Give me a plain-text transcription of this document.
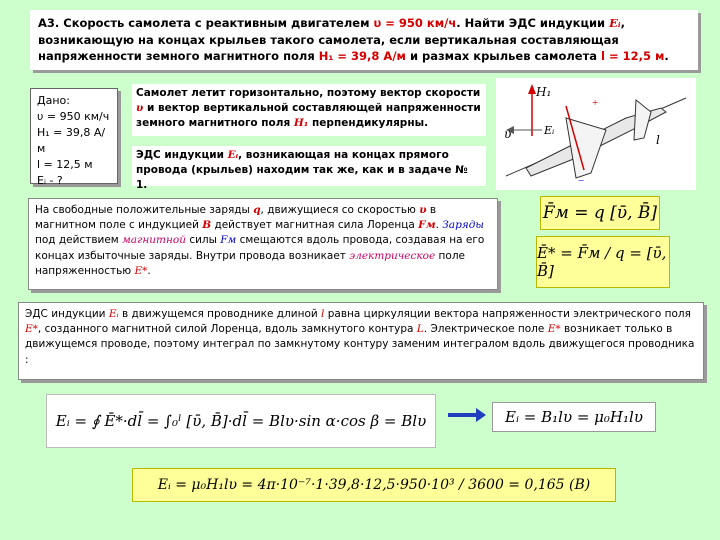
А3. Скорость самолета с реактивным двигателем υ = 950 км/ч. Найти ЭДС индукции Eᵢ, возникающую на концах крыльев такого самолета, если вертикальная составляющая напряженности земного магнитного поля H₁ = 39,8 А/м и размах крыльев самолета l = 12,5 м.
Дано:
υ = 950 км/ч
H₁ = 39,8 А/м
l = 12,5 м
Eᵢ - ?
Самолет летит горизонтально, поэтому вектор скорости υ и вектор вертикальной составляющей напряженности земного магнитного поля H₁ перпендикулярны.
ЭДС индукции Eᵢ, возникающая на концах прямого провода (крыльев) находим так же, как и в задаче № 1.
+
−
H₁
υ	Eᵢ
l
На свободные положительные заряды q, движущиеся со скоростью υ в магнитном поле с индукцией B действует магнитная сила Лоренца Fм. Заряды под действием магнитной силы Fм смещаются вдоль провода, создавая на его концах избыточные заряды. Внутри провода возникает электрическое поле напряженностью E*.
F̄м = q [ῡ, B̄]
Ē* = F̄м / q = [ῡ, B̄]
ЭДС индукции Eᵢ в движущемся проводнике длиной l равна циркуляции вектора напряженности электрического поля E*, созданного магнитной силой Лоренца, вдоль замкнутого контура L. Электрическое поле E* возникает только в движущемся проводе, поэтому интеграл по замкнутому контуру заменим интегралом вдоль движущегося проводника :
Eᵢ = ∮ Ē*·dl̄ = ∫₀ˡ [ῡ, B̄]·dl̄ = Blυ·sin α·cos β = Blυ	Eᵢ = B₁lυ = μ₀H₁lυ
Eᵢ = μ₀H₁lυ = 4π·10⁻⁷·1·39,8·12,5·950·10³ / 3600 = 0,165 (B)
